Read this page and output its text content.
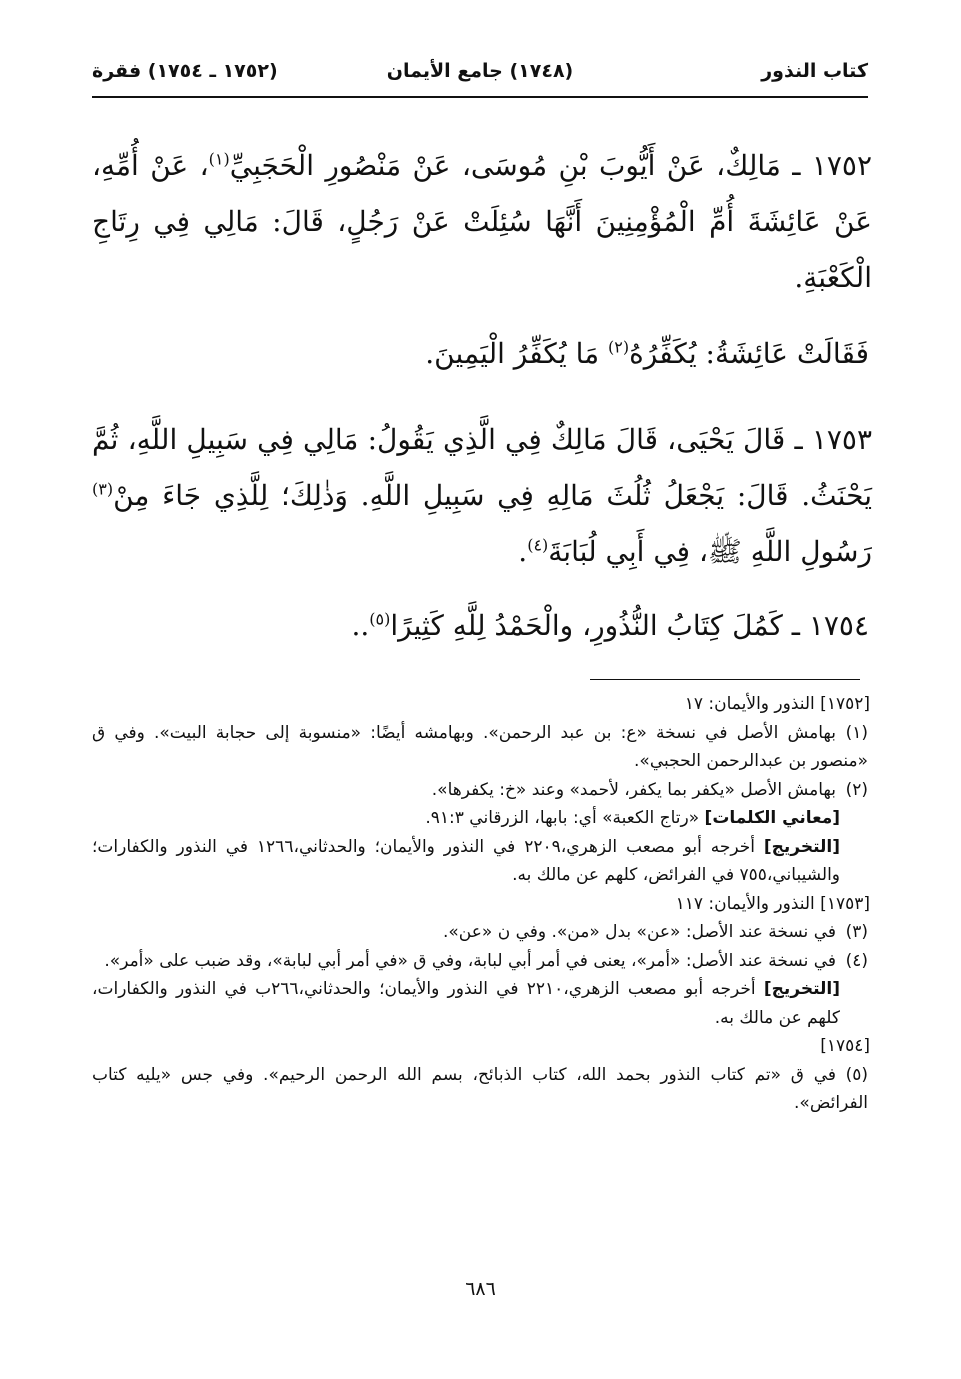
كتاب النذور
(١٧٤٨) جامع الأيمان
(١٧٥٢ ـ ١٧٥٤) فقرة
١٧٥٢ ـ مَالِكٌ، عَنْ أَيُّوبَ بْنِ مُوسَى، عَنْ مَنْصُورِ الْحَجَبِيِّ$^{(١)}$، عَنْ أُمِّهِ، عَنْ عَائِشَةَ أُمِّ الْمُؤْمِنِينَ أَنَّهَا سُئِلَتْ عَنْ رَجُلٍ، قَالَ: مَالِي فِي رِتَاجِ الْكَعْبَةِ.
فَقَالَتْ عَائِشَةُ: يُكَفِّرُهُ$^{(٢)}$ مَا يُكَفِّرُ الْيَمِينَ.
١٧٥٣ ـ قَالَ يَحْيَى، قَالَ مَالِكٌ فِي الَّذِي يَقُولُ: مَالِي فِي سَبِيلِ اللَّهِ، ثُمَّ يَحْنَثُ. قَالَ: يَجْعَلُ ثُلُثَ مَالِهِ فِي سَبِيلِ اللَّهِ. وَذٰلِكَ؛ لِلَّذِي جَاءَ مِنْ$^{(٣)}$ رَسُولِ اللَّهِ ﷺ، فِي أَبِي لُبَابَةَ$^{(٤)}$.
١٧٥٤ ـ كَمُلَ كِتَابُ النُّذُورِ، والْحَمْدُ لِلَّهِ كَثِيرًا$^{(٥)}$..

[١٧٥٢] النذور والأيمان: ١٧

(١)بهامش الأصل في نسخة «ع: بن عبد الرحمن». وبهامشه أيضًا: «منسوبة إلى حجابة البيت». وفي ق «منصور بن عبدالرحمن الحجبي».

(٢)بهامش الأصل «يكفر بما يكفر، لأحمد» وعند «خ: يكفرها».

[معاني الكلمات] «رتاج الكعبة» أي: بابها، الزرقاني ٩١:٣.

[التخريج] أخرجه أبو مصعب الزهري،٢٢٠٩ في النذور والأيمان؛ والحدثاني،١٢٦٦ في النذور والكفارات؛ والشيباني،٧٥٥ في الفرائض، كلهم عن مالك به.

[١٧٥٣] النذور والأيمان: ١١٧

(٣)في نسخة عند الأصل: «عن» بدل «من». وفي ن «عن».

(٤)في نسخة عند الأصل: «أمر»، يعنى في أمر أبي لبابة، وفي ق «في أمر أبي لبابة»، وقد ضبب على «أمر».

[التخريج] أخرجه أبو مصعب الزهري،٢٢١٠ في النذور والأيمان؛ والحدثاني،٢٦٦ب في النذور والكفارات، كلهم عن مالك به.

[١٧٥٤]

(٥)في ق «تم كتاب النذور بحمد الله، كتاب الذبائح، بسم الله الرحمن الرحيم». وفي جس «يليه كتاب الفرائض».

٦٨٦
